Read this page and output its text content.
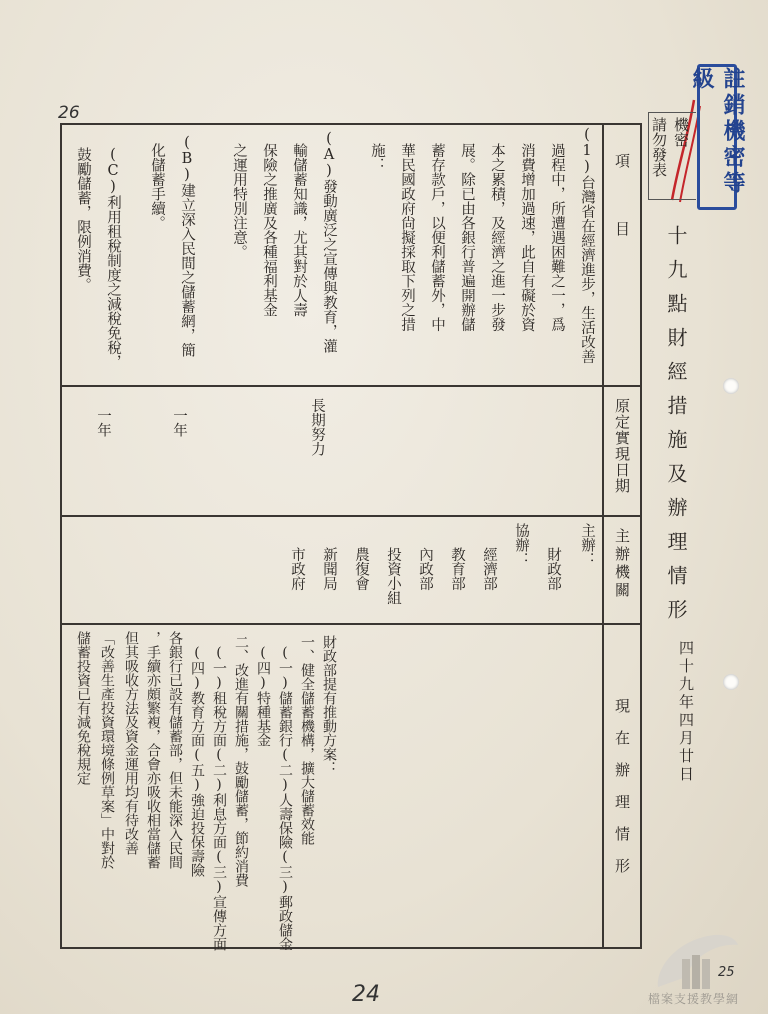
註銷機密等級
機密
請勿發表
十九點財經措施及辦理情形
四十九年四月廿日
26
24
25
項　　　目
原定實現日期
主辦機關
現　在　辦　理　情　形
(1)台灣省在經濟進步，生活改善
過程中，所遭遇困難之一，爲
消費增加過速，此自有礙於資
本之累積，及經濟之進一步發
展。除已由各銀行普遍開辦儲
蓄存款戶，以便利儲蓄外，中
華民國政府尙擬採取下列之措
施：
(A)發動廣泛之宣傳與教育，灌
輸儲蓄知識，尤其對於人壽
保險之推廣及各種福利基金
之運用特別注意。
(B)建立深入民間之儲蓄網，簡
化儲蓄手續。
(C)利用租稅制度之減稅免稅，
鼓勵儲蓄，限例消費。
長期努力
一年
一年
主辦：
財政部
協辦：
經濟部
教育部
內政部
投資小組
農復會
新聞局
市政府
財政部提有推動方案：
一、健全儲蓄機構，擴大儲蓄效能
(一)儲蓄銀行(二)人壽保險(三)郵政儲金
(四)特種基金
二、改進有關措施，鼓勵儲蓄，節約消費
(一)租稅方面(二)利息方面(三)宣傳方面
(四)教育方面(五)強迫投保壽險
各銀行已設有儲蓄部，但未能深入民間
，手續亦頗繁複，合會亦吸收相當儲蓄
但其吸收方法及資金運用均有待改善
「改善生產投資環境條例草案」中對於
儲蓄投資已有減免稅規定
檔案支援教學網
